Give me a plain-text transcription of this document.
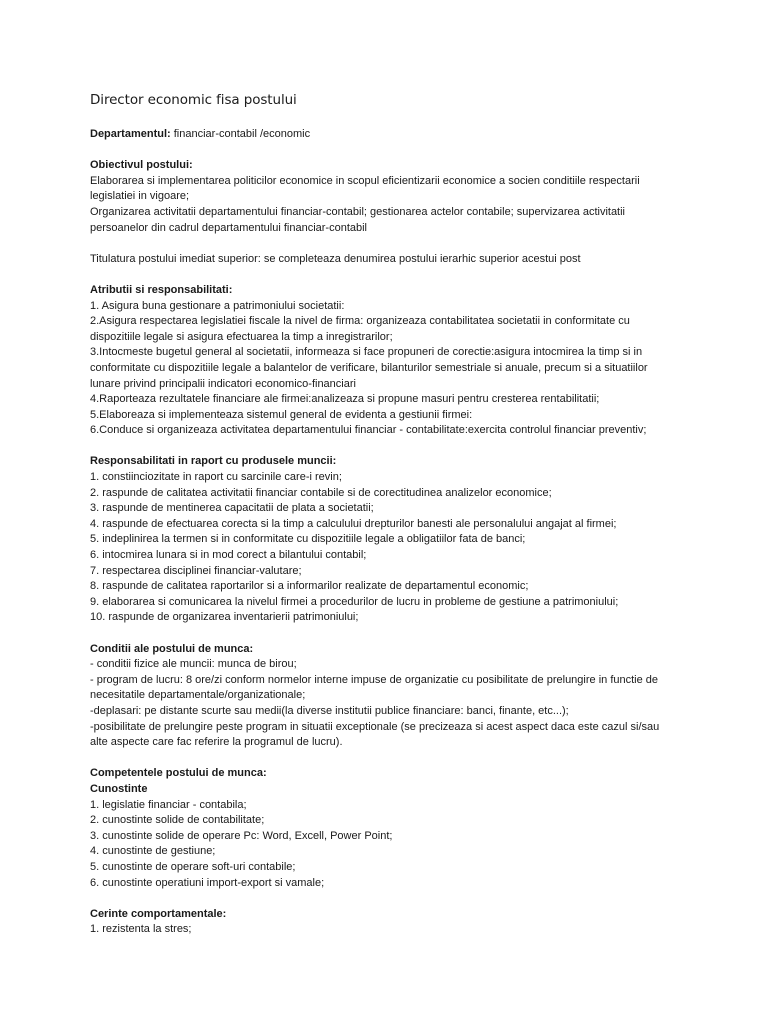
Director economic fisa postului

Departamentul: financiar-contabil /economic

Obiectivul postului:
Elaborarea si implementarea politicilor economice in scopul eficientizarii economice a socien conditiile respectarii
legislatiei in vigoare;
Organizarea activitatii departamentului financiar-contabil; gestionarea actelor contabile; supervizarea activitatii
persoanelor din cadrul departamentului financiar-contabil

Titulatura postului imediat superior: se completeaza denumirea postului ierarhic superior acestui post

Atributii si responsabilitati:
1. Asigura buna gestionare a patrimoniului societatii:
2.Asigura respectarea legislatiei fiscale la nivel de firma: organizeaza contabilitatea societatii in conformitate cu
dispozitiile legale si asigura efectuarea la timp a inregistrarilor;
3.Intocmeste bugetul general al societatii, informeaza si face propuneri de corectie:asigura intocmirea la timp si in
conformitate cu dispozitiile legale a balantelor de verificare, bilanturilor semestriale si anuale, precum si a situatiilor
lunare privind principalii indicatori economico-financiari
4.Raporteaza rezultatele financiare ale firmei:analizeaza si propune masuri pentru cresterea rentabilitatii;
5.Elaboreaza si implementeaza sistemul general de evidenta a gestiunii firmei:
6.Conduce si organizeaza activitatea departamentului financiar - contabilitate:exercita controlul financiar preventiv;

Responsabilitati in raport cu produsele muncii:
1. constiinciozitate in raport cu sarcinile care-i revin;
2. raspunde de calitatea activitatii financiar contabile si de corectitudinea analizelor economice;
3. raspunde de mentinerea capacitatii de plata a societatii;
4. raspunde de efectuarea corecta si la timp a calculului drepturilor banesti ale personalului angajat al firmei;
5. indeplinirea la termen si in conformitate cu dispozitiile legale a obligatiilor fata de banci;
6. intocmirea lunara si in mod corect a bilantului contabil;
7. respectarea disciplinei financiar-valutare;
8. raspunde de calitatea raportarilor si a informarilor realizate de departamentul economic;
9. elaborarea si comunicarea la nivelul firmei a procedurilor de lucru in probleme de gestiune a patrimoniului;
10. raspunde de organizarea inventarierii patrimoniului;

Conditii ale postului de munca:
- conditii fizice ale muncii: munca de birou;
- program de lucru: 8 ore/zi conform normelor interne impuse de organizatie cu posibilitate de prelungire in functie de
necesitatile departamentale/organizationale;
-deplasari: pe distante scurte sau medii(la diverse institutii publice financiare: banci, finante, etc...);
-posibilitate de prelungire peste program in situatii exceptionale (se precizeaza si acest aspect daca este cazul si/sau
alte aspecte care fac referire la programul de lucru).

Competentele postului de munca:
Cunostinte
1. legislatie financiar - contabila;
2. cunostinte solide de contabilitate;
3. cunostinte solide de operare Pc: Word, Excell, Power Point;
4. cunostinte de gestiune;
5. cunostinte de operare soft-uri contabile;
6. cunostinte operatiuni import-export si vamale;

Cerinte comportamentale:
1. rezistenta la stres;
